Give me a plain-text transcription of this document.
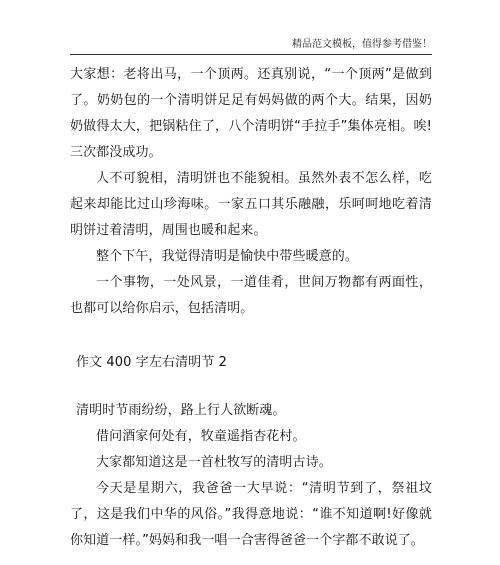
精品范文模板，值得参考借鉴！

大家想：老将出马，一个顶两。还真别说，“一个顶两”是做到了。奶奶包的一个清明饼足足有妈妈做的两个大。结果，因奶奶做得太大，把锅粘住了，八个清明饼“手拉手”集体亮相。唉!三次都没成功。

人不可貌相，清明饼也不能貌相。虽然外表不怎么样，吃起来却能比过山珍海味。一家五口其乐融融，乐呵呵地吃着清明饼过着清明，周围也暖和起来。

整个下午，我觉得清明是愉快中带些暖意的。

一个事物，一处风景，一道佳肴，世间万物都有两面性，也都可以给你启示，包括清明。

作文 400 字左右清明节 2

清明时节雨纷纷，路上行人欲断魂。

借问酒家何处有，牧童遥指杏花村。

大家都知道这是一首杜牧写的清明古诗。

今天是星期六，我爸爸一大早说：“清明节到了，祭祖坟了，这是我们中华的风俗。”我得意地说：“谁不知道啊!好像就你知道一样。”妈妈和我一唱一合害得爸爸一个字都不敢说了。
